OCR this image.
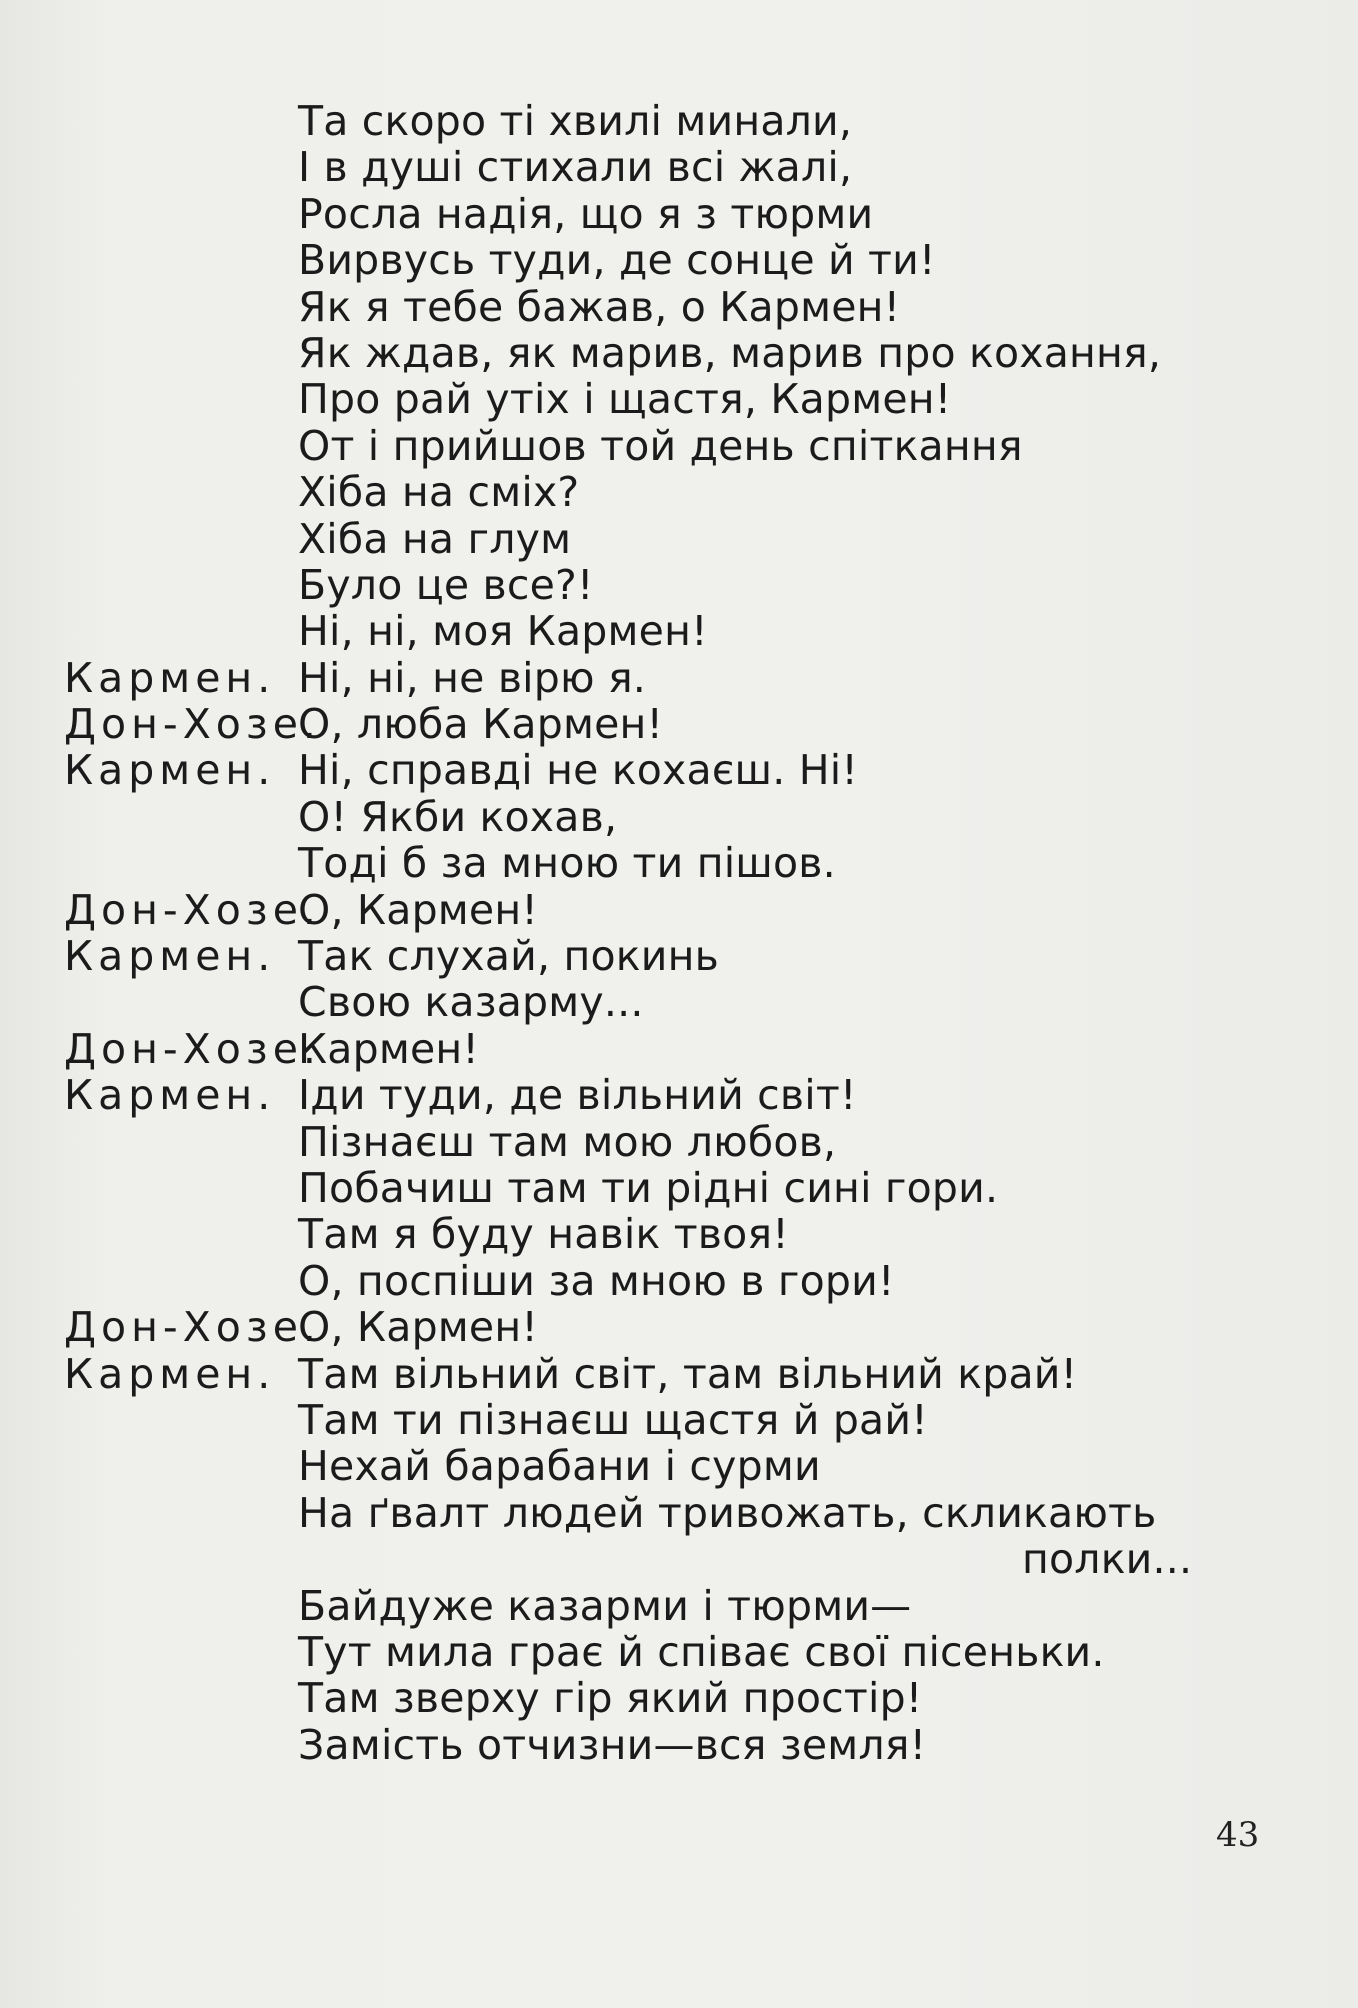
Та скоро ті хвилі минали,
І в душі стихали всі жалі,
Росла надія, що я з тюрми
Вирвусь туди, де сонце й ти!
Як я тебе бажав, о Кармен!
Як ждав, як марив, марив про кохання,
Про рай утіх і щастя, Кармен!
От і прийшов той день спіткання
Хіба на сміх?
Хіба на глум
Було це все?!
Ні, ні, моя Кармен!
Кармен. Ні, ні, не вірю я.
Дон-Хозе.
О, люба Кармен!
Кармен. Ні, справді не кохаєш. Ні!
О! Якби кохав,
Тоді б за мною ти пішов.
Дон-Хозе.
О, Кармен!
Кармен. Так слухай, покинь
Свою казарму...
Дон-Хозе.
Кармен!
Кармен. Іди туди, де вільний світ!
Пізнаєш там мою любов,
Побачиш там ти рідні сині гори.
Там я буду навік твоя!
О, поспіши за мною в гори!
Дон-Хозе.
О, Кармен!
Кармен. Там вільний світ, там вільний край!
Там ти пізнаєш щастя й рай!
Нехай барабани і сурми
На ґвалт людей тривожать, скликають
полки...
Байдуже казарми і тюрми—
Тут мила грає й співає свої пісеньки.
Там зверху гір який простір!
Замість отчизни—вся земля!
43
